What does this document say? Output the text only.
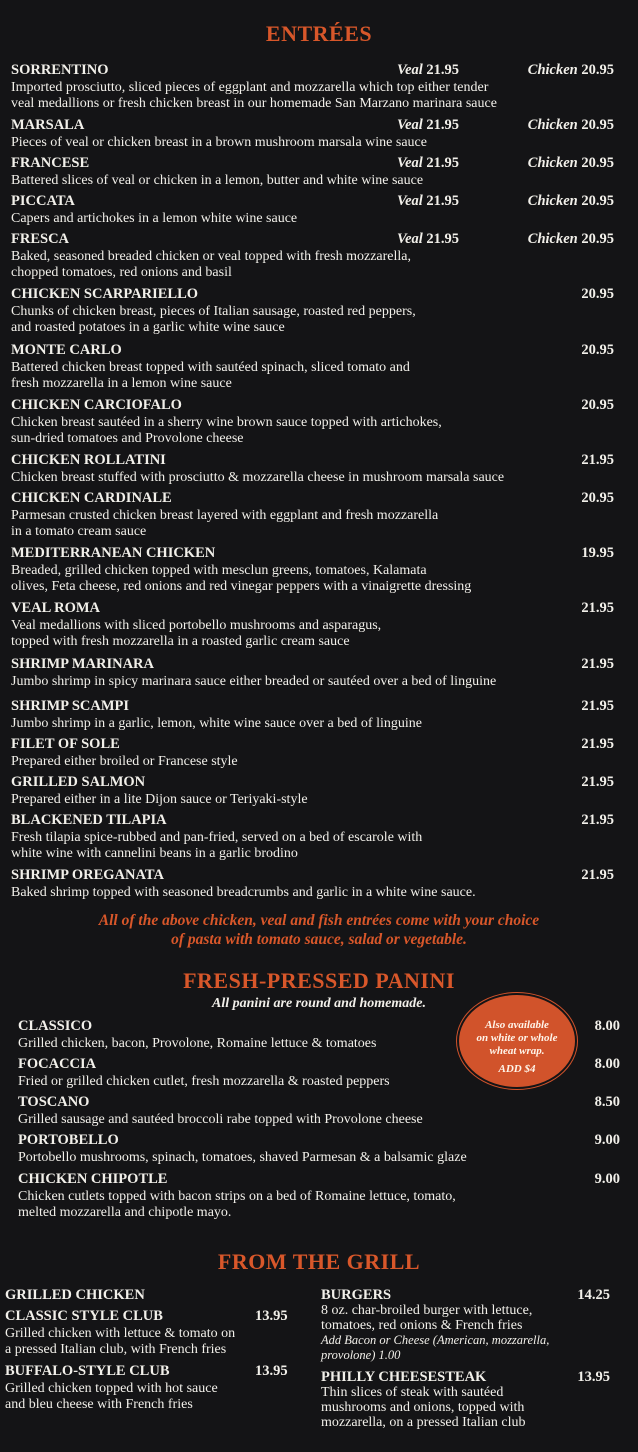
ENTRÉES
SORRENTINO	Veal 21.95	Chicken 20.95
Imported prosciutto, sliced pieces of eggplant and mozzarella which top either tender
veal medallions or fresh chicken breast in our homemade San Marzano marinara sauce
MARSALA	Veal 21.95	Chicken 20.95
Pieces of veal or chicken breast in a brown mushroom marsala wine sauce
FRANCESE	Veal 21.95	Chicken 20.95
Battered slices of veal or chicken in a lemon, butter and white wine sauce
PICCATA	Veal 21.95	Chicken 20.95
Capers and artichokes in a lemon white wine sauce
FRESCA	Veal 21.95	Chicken 20.95
Baked, seasoned breaded chicken or veal topped with fresh mozzarella,
chopped tomatoes, red onions and basil
CHICKEN SCARPARIELLO	20.95
Chunks of chicken breast, pieces of Italian sausage, roasted red peppers,
and roasted potatoes in a garlic white wine sauce
MONTE CARLO	20.95
Battered chicken breast topped with sautéed spinach, sliced tomato and
fresh mozzarella in a lemon wine sauce
CHICKEN CARCIOFALO	20.95
Chicken breast sautéed in a sherry wine brown sauce topped with artichokes,
sun-dried tomatoes and Provolone cheese
CHICKEN ROLLATINI	21.95
Chicken breast stuffed with prosciutto & mozzarella cheese in mushroom marsala sauce
CHICKEN CARDINALE	20.95
Parmesan crusted chicken breast layered with eggplant and fresh mozzarella
in a tomato cream sauce
MEDITERRANEAN CHICKEN	19.95
Breaded, grilled chicken topped with mesclun greens, tomatoes, Kalamata
olives, Feta cheese, red onions and red vinegar peppers with a vinaigrette dressing
VEAL ROMA	21.95
Veal medallions with sliced portobello mushrooms and asparagus,
topped with fresh mozzarella in a roasted garlic cream sauce
SHRIMP MARINARA	21.95
Jumbo shrimp in spicy marinara sauce either breaded or sautéed over a bed of linguine
SHRIMP SCAMPI	21.95
Jumbo shrimp in a garlic, lemon, white wine sauce over a bed of linguine
FILET OF SOLE	21.95
Prepared either broiled or Francese style
GRILLED SALMON	21.95
Prepared either in a lite Dijon sauce or Teriyaki-style
BLACKENED TILAPIA	21.95
Fresh tilapia spice-rubbed and pan-fried, served on a bed of escarole with
white wine with cannelini beans in a garlic brodino
SHRIMP OREGANATA	21.95
Baked shrimp topped with seasoned breadcrumbs and garlic in a white wine sauce.
All of the above chicken, veal and fish entrées come with your choice
of pasta with tomato sauce, salad or vegetable.
FRESH-PRESSED PANINI
All panini are round and homemade.
CLASSICO	8.00
Grilled chicken, bacon, Provolone, Romaine lettuce & tomatoes
FOCACCIA	8.00
Fried or grilled chicken cutlet, fresh mozzarella & roasted peppers
TOSCANO	8.50
Grilled sausage and sautéed broccoli rabe topped with Provolone cheese
PORTOBELLO	9.00
Portobello mushrooms, spinach, tomatoes, shaved Parmesan & a balsamic glaze
CHICKEN CHIPOTLE	9.00
Chicken cutlets topped with bacon strips on a bed of Romaine lettuce, tomato,
melted mozzarella and chipotle mayo.
Also available
on white or whole
wheat wrap.
ADD $4
FROM THE GRILL
GRILLED CHICKEN
CLASSIC STYLE CLUB	13.95
Grilled chicken with lettuce & tomato on
a pressed Italian club, with French fries
BUFFALO-STYLE CLUB	13.95
Grilled chicken topped with hot sauce
and bleu cheese with French fries
BURGERS	14.25
8 oz. char-broiled burger with lettuce,
tomatoes, red onions & French fries
Add Bacon or Cheese (American, mozzarella,
provolone) 1.00
PHILLY CHEESESTEAK	13.95
Thin slices of steak with sautéed
mushrooms and onions, topped with
mozzarella, on a pressed Italian club
